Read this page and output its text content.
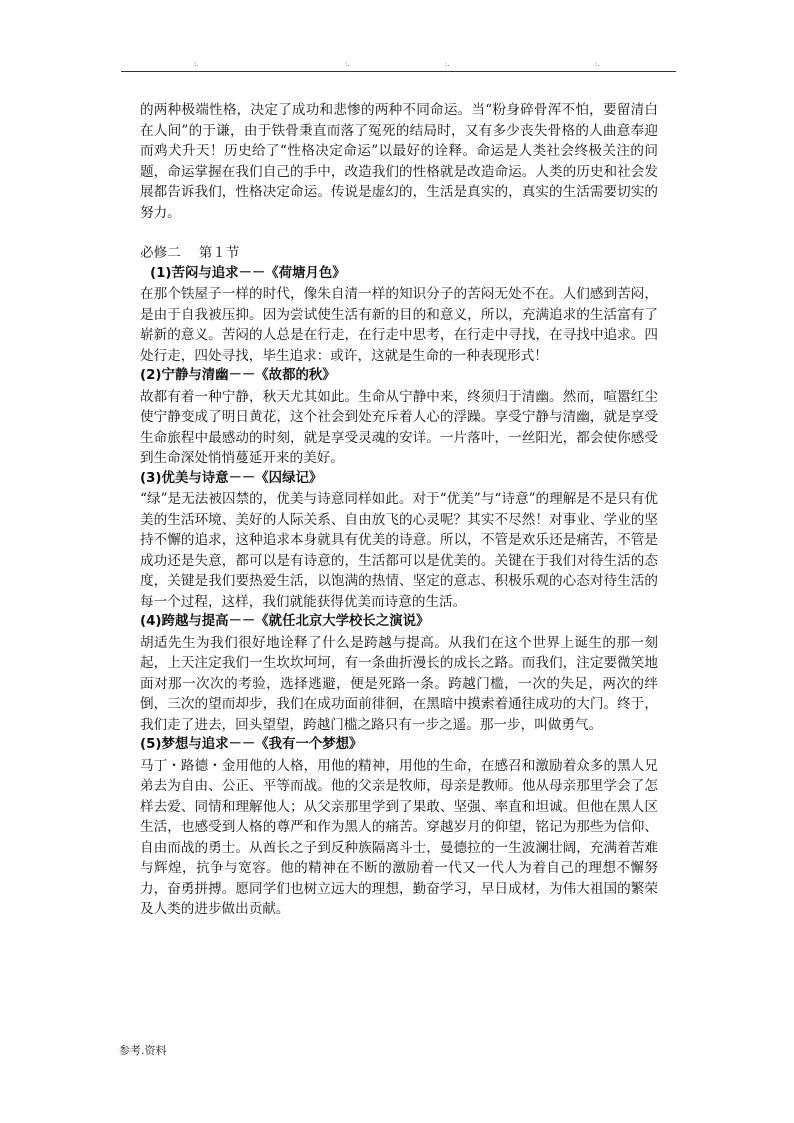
:.	:.	:.	:.

的两种极端性格，决定了成功和悲惨的两种不同命运。当“粉身碎骨浑不怕，要留清白在人间”的于谦，由于铁骨秉直而落了冤死的结局时，又有多少丧失骨格的人曲意奉迎而鸡犬升天！历史给了“性格决定命运”以最好的诠释。命运是人类社会终极关注的问题，命运掌握在我们自己的手中，改造我们的性格就是改造命运。人类的历史和社会发展都告诉我们，性格决定命运。传说是虚幻的，生活是真实的，真实的生活需要切实的努力。

必修二　 第１节

(1)苦闷与追求－－《荷塘月色》

在那个铁屋子一样的时代，像朱自清一样的知识分子的苦闷无处不在。人们感到苦闷，是由于自我被压抑。因为尝试使生活有新的目的和意义，所以，充满追求的生活富有了崭新的意义。苦闷的人总是在行走，在行走中思考，在行走中寻找，在寻找中追求。四处行走，四处寻找，毕生追求：或许，这就是生命的一种表现形式！

(2)宁静与清幽－－《故都的秋》

故都有着一种宁静，秋天尤其如此。生命从宁静中来，终须归于清幽。然而，喧嚣红尘使宁静变成了明日黄花，这个社会到处充斥着人心的浮躁。享受宁静与清幽，就是享受生命旅程中最感动的时刻，就是享受灵魂的安详。一片落叶，一丝阳光，都会使你感受到生命深处悄悄蔓延开来的美好。

(3)优美与诗意－－《囚绿记》

“绿”是无法被囚禁的，优美与诗意同样如此。对于“优美”与“诗意”的理解是不是只有优美的生活环境、美好的人际关系、自由放飞的心灵呢？其实不尽然！对事业、学业的坚持不懈的追求，这种追求本身就具有优美的诗意。所以，不管是欢乐还是痛苦，不管是成功还是失意，都可以是有诗意的，生活都可以是优美的。关键在于我们对待生活的态度，关键是我们要热爱生活，以饱满的热情、坚定的意志、积极乐观的心态对待生活的每一个过程，这样，我们就能获得优美而诗意的生活。

(4)跨越与提高－－《就任北京大学校长之演说》

胡适先生为我们很好地诠释了什么是跨越与提高。从我们在这个世界上诞生的那一刻起，上天注定我们一生坎坎坷坷，有一条曲折漫长的成长之路。而我们，注定要微笑地面对那一次次的考验，选择逃避，便是死路一条。跨越门槛，一次的失足，两次的绊倒，三次的望而却步，我们在成功面前徘徊，在黑暗中摸索着通往成功的大门。终于，我们走了进去，回头望望，跨越门槛之路只有一步之遥。那一步，叫做勇气。

(5)梦想与追求－－《我有一个梦想》

马丁・路德・金用他的人格，用他的精神，用他的生命，在感召和激励着众多的黑人兄弟去为自由、公正、平等而战。他的父亲是牧师，母亲是教师。他从母亲那里学会了怎样去爱、同情和理解他人；从父亲那里学到了果敢、坚强、率直和坦诚。但他在黑人区生活，也感受到人格的尊严和作为黑人的痛苦。穿越岁月的仰望，铭记为那些为信仰、自由而战的勇士。从酋长之子到反种族隔离斗士，曼德拉的一生波澜壮阔，充满着苦难与辉煌，抗争与宽容。他的精神在不断的激励着一代又一代人为着自己的理想不懈努力，奋勇拼搏。愿同学们也树立远大的理想，勤奋学习，早日成材，为伟大祖国的繁荣及人类的进步做出贡献。

参考.资料
